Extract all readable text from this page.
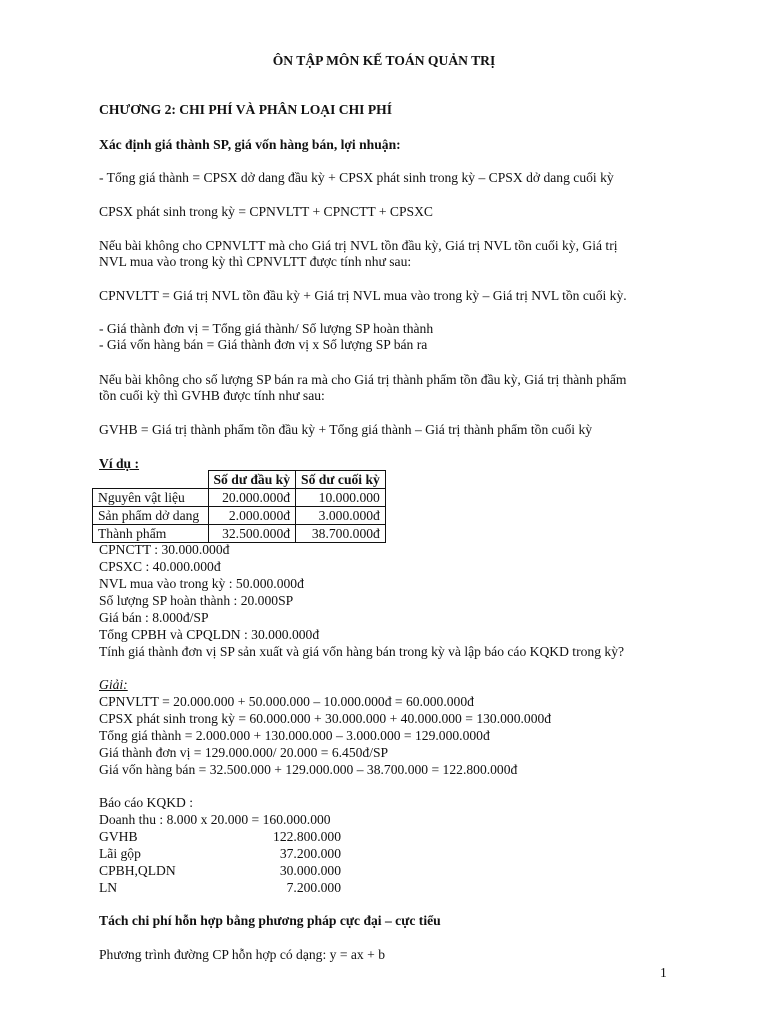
ÔN TẬP MÔN KẾ TOÁN QUẢN TRỊ
CHƯƠNG 2: CHI PHÍ VÀ PHÂN LOẠI CHI PHÍ
Xác định giá thành SP, giá vốn hàng bán, lợi nhuận:
- Tổng giá thành = CPSX dở dang đầu kỳ + CPSX phát sinh trong kỳ – CPSX dở dang cuối kỳ
CPSX phát sinh trong kỳ = CPNVLTT + CPNCTT + CPSXC
Nếu bài không cho CPNVLTT mà cho Giá trị NVL tồn đầu kỳ, Giá trị NVL tồn cuối kỳ, Giá trị
NVL mua vào trong kỳ thì CPNVLTT được tính như sau:
CPNVLTT = Giá trị NVL tồn đầu kỳ + Giá trị NVL mua vào trong kỳ – Giá trị NVL tồn cuối kỳ.
- Giá thành đơn vị = Tổng giá thành/ Số lượng SP hoàn thành
- Giá vốn hàng bán = Giá thành đơn vị x Số lượng SP bán ra
Nếu bài không cho số lượng SP bán ra mà cho Giá trị thành phẩm tồn đầu kỳ, Giá trị thành phẩm
tồn cuối kỳ thì GVHB được tính như sau:
GVHB = Giá trị thành phẩm tồn đầu kỳ + Tổng giá thành – Giá trị thành phẩm tồn cuối kỳ
Ví dụ :
	Số dư đầu kỳ	Số dư cuối kỳ
Nguyên vật liệu	20.000.000đ	10.000.000
Sản phẩm dở dang	2.000.000đ	3.000.000đ
Thành phẩm	32.500.000đ	38.700.000đ
CPNCTT : 30.000.000đ
CPSXC : 40.000.000đ
NVL mua vào trong kỳ : 50.000.000đ
Số lượng SP hoàn thành : 20.000SP
Giá bán : 8.000đ/SP
Tổng CPBH và CPQLDN : 30.000.000đ
Tính giá thành đơn vị SP sản xuất và giá vốn hàng bán trong kỳ và lập báo cáo KQKD trong kỳ?
Giải:
CPNVLTT = 20.000.000 + 50.000.000 – 10.000.000đ = 60.000.000đ
CPSX phát sinh trong kỳ = 60.000.000 + 30.000.000 + 40.000.000 = 130.000.000đ
Tổng giá thành = 2.000.000 + 130.000.000 – 3.000.000 = 129.000.000đ
Giá thành đơn vị = 129.000.000/ 20.000 = 6.450đ/SP
Giá vốn hàng bán = 32.500.000 + 129.000.000 – 38.700.000 = 122.800.000đ
Báo cáo KQKD :
Doanh thu : 8.000 x 20.000 = 160.000.000
GVHB	122.800.000
Lãi gộp	37.200.000
CPBH,QLDN	30.000.000
LN	7.200.000
Tách chi phí hỗn hợp bằng phương pháp cực đại – cực tiểu
Phương trình đường CP hỗn hợp có dạng: y = ax + b
1
